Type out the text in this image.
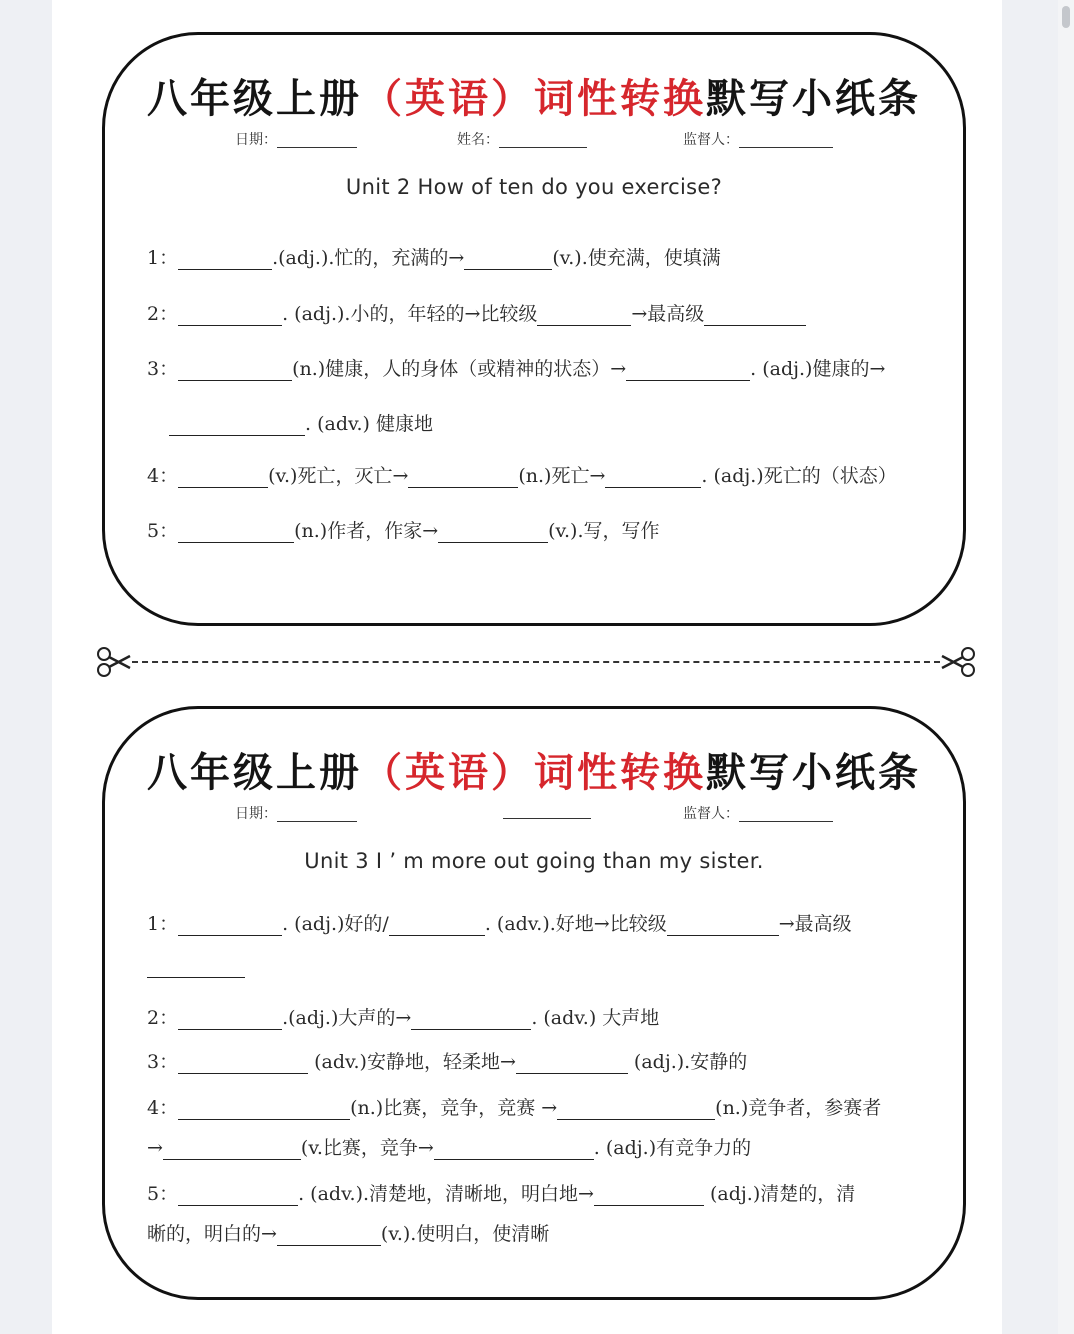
八年级上册（英语）词性转换默写小纸条
日期：	姓名：	监督人：
Unit 2 How of ten do you exercise?
1：	.(adj.).忙的，充满的→	(v.).使充满，使填满
2：	. (adj.).小的，年轻的→比较级	→最高级
3：	(n.)健康，人的身体（或精神的状态）→	. (adj.)健康的→
. (adv.) 健康地
4：	(v.)死亡，灭亡→	(n.)死亡→	. (adj.)死亡的（状态）
5：	(n.)作者，作家→	(v.).写，写作
八年级上册（英语）词性转换默写小纸条
日期：	监督人：
Unit 3 I ’ m more out going than my sister.
1：	. (adj.)好的/	. (adv.).好地→比较级	→最高级
2：	.(adj.)大声的→	. (adv.) 大声地
3：	(adv.)安静地，轻柔地→	(adj.).安静的
4：	(n.)比赛，竞争，竞赛 →	(n.)竞争者，参赛者
→	(v.比赛，竞争→	. (adj.)有竞争力的
5：	. (adv.).清楚地，清晰地，明白地→	(adj.)清楚的，清
晰的，明白的→	(v.).使明白，使清晰
